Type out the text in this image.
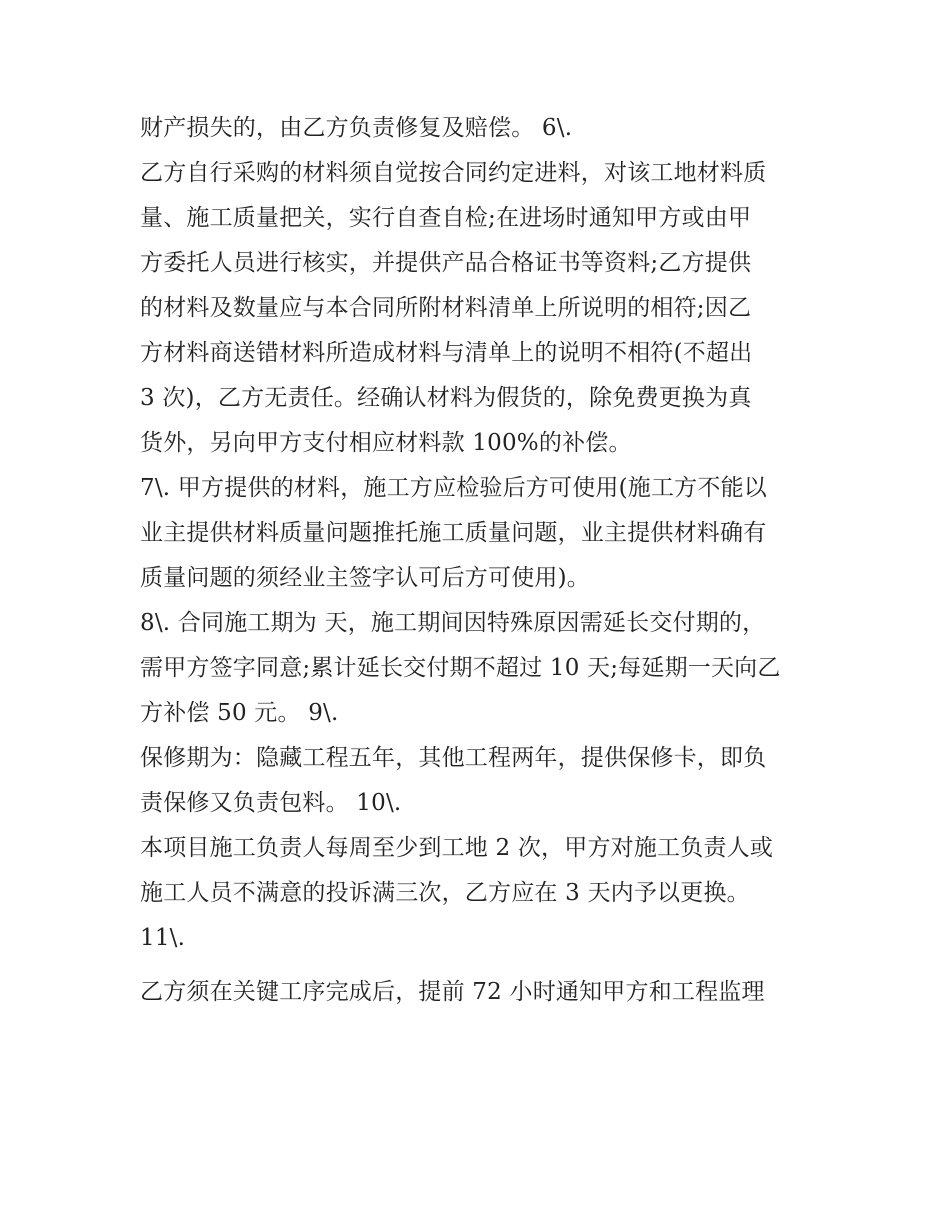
财产损失的，由乙方负责修复及赔偿。 6\.
乙方自行采购的材料须自觉按合同约定进料，对该工地材料质
量、施工质量把关，实行自查自检;在进场时通知甲方或由甲
方委托人员进行核实，并提供产品合格证书等资料;乙方提供
的材料及数量应与本合同所附材料清单上所说明的相符;因乙
方材料商送错材料所造成材料与清单上的说明不相符(不超出
3 次)，乙方无责任。经确认材料为假货的，除免费更换为真
货外，另向甲方支付相应材料款 100%的补偿。
7\. 甲方提供的材料，施工方应检验后方可使用(施工方不能以
业主提供材料质量问题推托施工质量问题，业主提供材料确有
质量问题的须经业主签字认可后方可使用)。
8\. 合同施工期为 天，施工期间因特殊原因需延长交付期的，
需甲方签字同意;累计延长交付期不超过 10 天;每延期一天向乙
方补偿 50 元。 9\.
保修期为：隐藏工程五年，其他工程两年，提供保修卡，即负
责保修又负责包料。 10\.
本项目施工负责人每周至少到工地 2 次，甲方对施工负责人或
施工人员不满意的投诉满三次，乙方应在 3 天内予以更换。
11\.
乙方须在关键工序完成后，提前 72 小时通知甲方和工程监理
